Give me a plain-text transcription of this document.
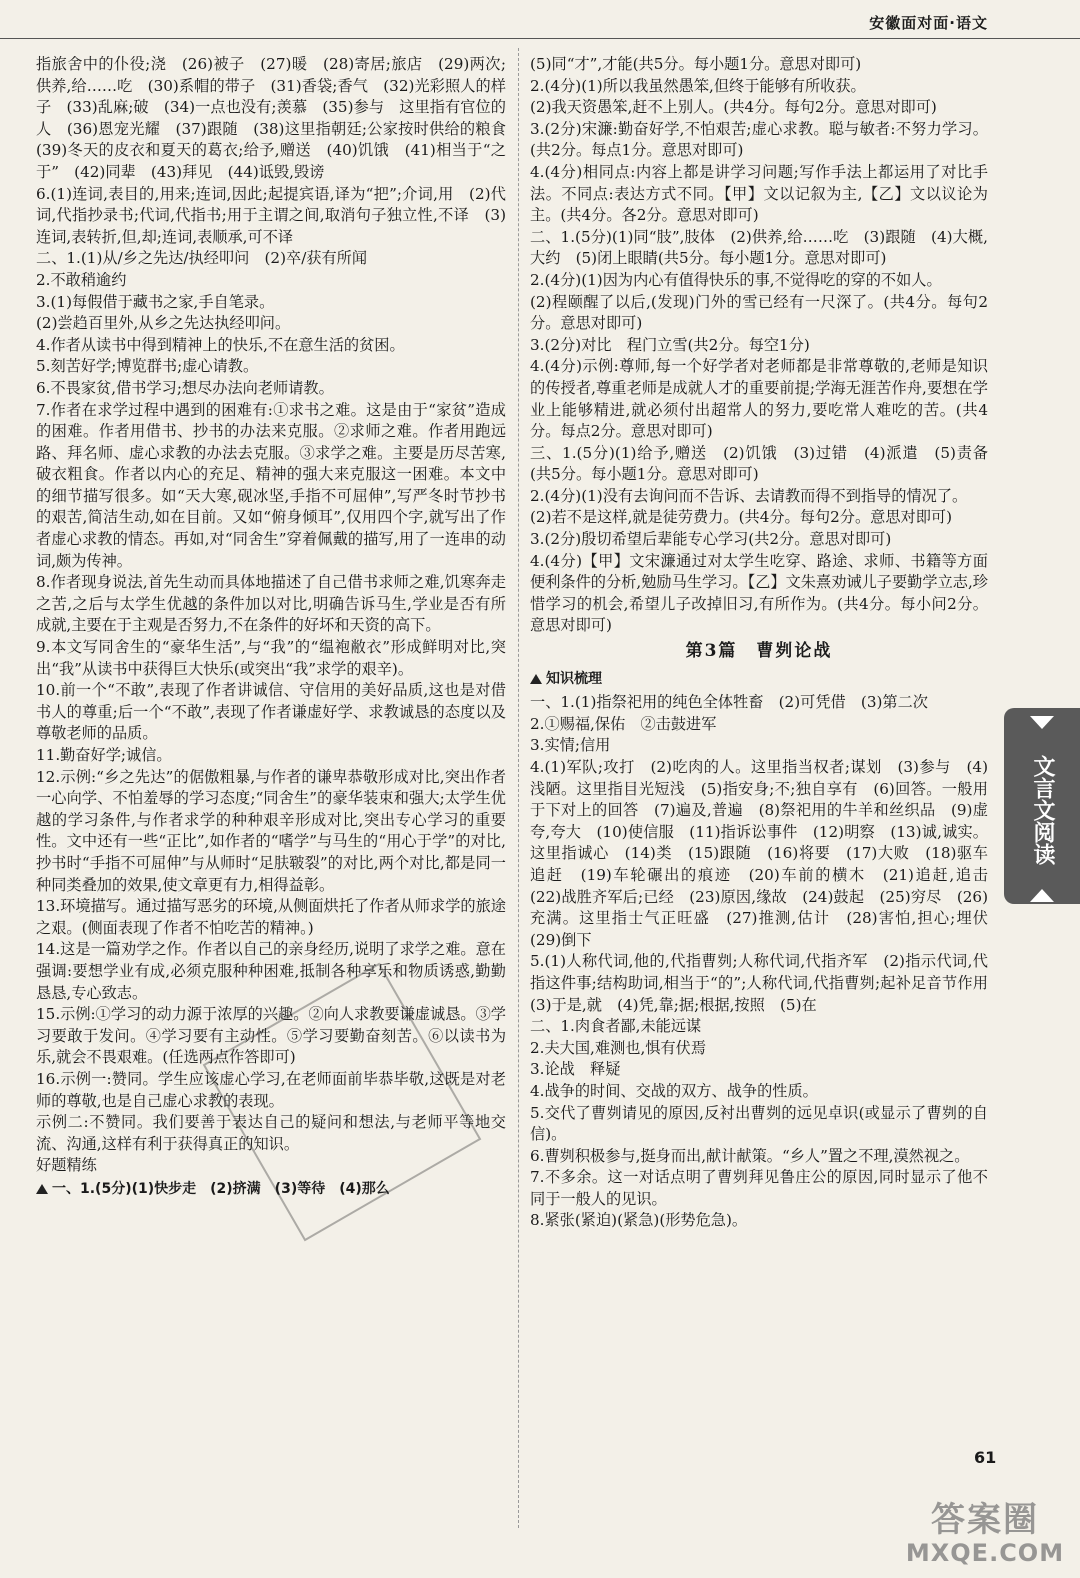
安徽面对面·语文

指旅舍中的仆役;浇　(26)被子　(27)暖　(28)寄居;旅店　(29)两次;供养,给……吃　(30)系帽的带子　(31)香袋;香气　(32)光彩照人的样子　(33)乱麻;破　(34)一点也没有;羡慕　(35)参与　这里指有官位的人　(36)恩宠光耀　(37)跟随　(38)这里指朝廷;公家按时供给的粮食　(39)冬天的皮衣和夏天的葛衣;给予,赠送　(40)饥饿　(41)相当于“之于”　(42)同辈　(43)拜见　(44)诋毁,毁谤

6.(1)连词,表目的,用来;连词,因此;起提宾语,译为“把”;介词,用　(2)代词,代指抄录书;代词,代指书;用于主谓之间,取消句子独立性,不译　(3)连词,表转折,但,却;连词,表顺承,可不译

二、1.(1)从/乡之先达/执经叩问　(2)卒/获有所闻

2.不敢稍逾约

3.(1)每假借于藏书之家,手自笔录。

(2)尝趋百里外,从乡之先达执经叩问。

4.作者从读书中得到精神上的快乐,不在意生活的贫困。

5.刻苦好学;博览群书;虚心请教。

6.不畏家贫,借书学习;想尽办法向老师请教。

7.作者在求学过程中遇到的困难有:①求书之难。这是由于“家贫”造成的困难。作者用借书、抄书的办法来克服。②求师之难。作者用跑远路、拜名师、虚心求教的办法去克服。③求学之难。主要是历尽苦寒,破衣粗食。作者以内心的充足、精神的强大来克服这一困难。本文中的细节描写很多。如“天大寒,砚冰坚,手指不可屈伸”,写严冬时节抄书的艰苦,简洁生动,如在目前。又如“俯身倾耳”,仅用四个字,就写出了作者虚心求教的情态。再如,对“同舍生”穿着佩戴的描写,用了一连串的动词,颇为传神。

8.作者现身说法,首先生动而具体地描述了自己借书求师之难,饥寒奔走之苦,之后与太学生优越的条件加以对比,明确告诉马生,学业是否有所成就,主要在于主观是否努力,不在条件的好坏和天资的高下。

9.本文写同舍生的“豪华生活”,与“我”的“缊袍敝衣”形成鲜明对比,突出“我”从读书中获得巨大快乐(或突出“我”求学的艰辛)。

10.前一个“不敢”,表现了作者讲诚信、守信用的美好品质,这也是对借书人的尊重;后一个“不敢”,表现了作者谦虚好学、求教诚恳的态度以及尊敬老师的品质。

11.勤奋好学;诚信。

12.示例:“乡之先达”的倨傲粗暴,与作者的谦卑恭敬形成对比,突出作者一心向学、不怕羞辱的学习态度;“同舍生”的豪华装束和强大;太学生优越的学习条件,与作者求学的种种艰辛形成对比,突出专心学习的重要性。文中还有一些“正比”,如作者的“嗜学”与马生的“用心于学”的对比,抄书时“手指不可屈伸”与从师时“足肤皲裂”的对比,两个对比,都是同一种同类叠加的效果,使文章更有力,相得益彰。

13.环境描写。通过描写恶劣的环境,从侧面烘托了作者从师求学的旅途之艰。(侧面表现了作者不怕吃苦的精神。)

14.这是一篇劝学之作。作者以自己的亲身经历,说明了求学之难。意在强调:要想学业有成,必须克服种种困难,抵制各种享乐和物质诱惑,勤勤恳恳,专心致志。

15.示例:①学习的动力源于浓厚的兴趣。②向人求教要谦虚诚恳。③学习要敢于发问。④学习要有主动性。⑤学习要勤奋刻苦。⑥以读书为乐,就会不畏艰难。(任选两点作答即可)

16.示例一:赞同。学生应该虚心学习,在老师面前毕恭毕敬,这既是对老师的尊敬,也是自己虚心求教的表现。

示例二:不赞同。我们要善于表达自己的疑问和想法,与老师平等地交流、沟通,这样有利于获得真正的知识。

好题精练

一、1.(5分)(1)快步走　(2)挤满　(3)等待　(4)那么

(5)同“才”,才能(共5分。每小题1分。意思对即可)

2.(4分)(1)所以我虽然愚笨,但终于能够有所收获。

(2)我天资愚笨,赶不上别人。(共4分。每句2分。意思对即可)

3.(2分)宋濂:勤奋好学,不怕艰苦;虚心求教。聪与敏者:不努力学习。(共2分。每点1分。意思对即可)

4.(4分)相同点:内容上都是讲学习问题;写作手法上都运用了对比手法。不同点:表达方式不同。【甲】文以记叙为主,【乙】文以议论为主。(共4分。各2分。意思对即可)

二、1.(5分)(1)同“肢”,肢体　(2)供养,给……吃　(3)跟随　(4)大概,大约　(5)闭上眼睛(共5分。每小题1分。意思对即可)

2.(4分)(1)因为内心有值得快乐的事,不觉得吃的穿的不如人。

(2)程颐醒了以后,(发现)门外的雪已经有一尺深了。(共4分。每句2分。意思对即可)

3.(2分)对比　程门立雪(共2分。每空1分)

4.(4分)示例:尊师,每一个好学者对老师都是非常尊敬的,老师是知识的传授者,尊重老师是成就人才的重要前提;学海无涯苦作舟,要想在学业上能够精进,就必须付出超常人的努力,要吃常人难吃的苦。(共4分。每点2分。意思对即可)

三、1.(5分)(1)给予,赠送　(2)饥饿　(3)过错　(4)派遣　(5)责备(共5分。每小题1分。意思对即可)

2.(4分)(1)没有去询问而不告诉、去请教而得不到指导的情况了。

(2)若不是这样,就是徒劳费力。(共4分。每句2分。意思对即可)

3.(2分)殷切希望后辈能专心学习(共2分。意思对即可)

4.(4分)【甲】文宋濂通过对太学生吃穿、路途、求师、书籍等方面便利条件的分析,勉励马生学习。【乙】文朱熹劝诫儿子要勤学立志,珍惜学习的机会,希望儿子改掉旧习,有所作为。(共4分。每小问2分。意思对即可)

第3篇　曹刿论战

知识梳理

一、1.(1)指祭祀用的纯色全体牲畜　(2)可凭借　(3)第二次

2.①赐福,保佑　②击鼓进军

3.实情;信用

4.(1)军队;攻打　(2)吃肉的人。这里指当权者;谋划　(3)参与　(4)浅陋。这里指目光短浅　(5)指安身;不;独自享有　(6)回答。一般用于下对上的回答　(7)遍及,普遍　(8)祭祀用的牛羊和丝织品　(9)虚夸,夸大　(10)使信服　(11)指诉讼事件　(12)明察　(13)诚,诚实。这里指诚心　(14)类　(15)跟随　(16)将要　(17)大败　(18)驱车追赶　(19)车轮碾出的痕迹　(20)车前的横木　(21)追赶,追击　(22)战胜齐军后;已经　(23)原因,缘故　(24)鼓起　(25)穷尽　(26)充满。这里指士气正旺盛　(27)推测,估计　(28)害怕,担心;埋伏　(29)倒下

5.(1)人称代词,他的,代指曹刿;人称代词,代指齐军　(2)指示代词,代指这件事;结构助词,相当于“的”;人称代词,代指曹刿;起补足音节作用　(3)于是,就　(4)凭,靠;据;根据,按照　(5)在

二、1.肉食者鄙,未能远谋

2.夫大国,难测也,惧有伏焉

3.论战　释疑

4.战争的时间、交战的双方、战争的性质。

5.交代了曹刿请见的原因,反衬出曹刿的远见卓识(或显示了曹刿的自信)。

6.曹刿积极参与,挺身而出,献计献策。“乡人”置之不理,漠然视之。

7.不多余。这一对话点明了曹刿拜见鲁庄公的原因,同时显示了他不同于一般人的见识。

8.紧张(紧迫)(紧急)(形势危急)。

文言文阅读
61
答案圈
MXQE.COM
